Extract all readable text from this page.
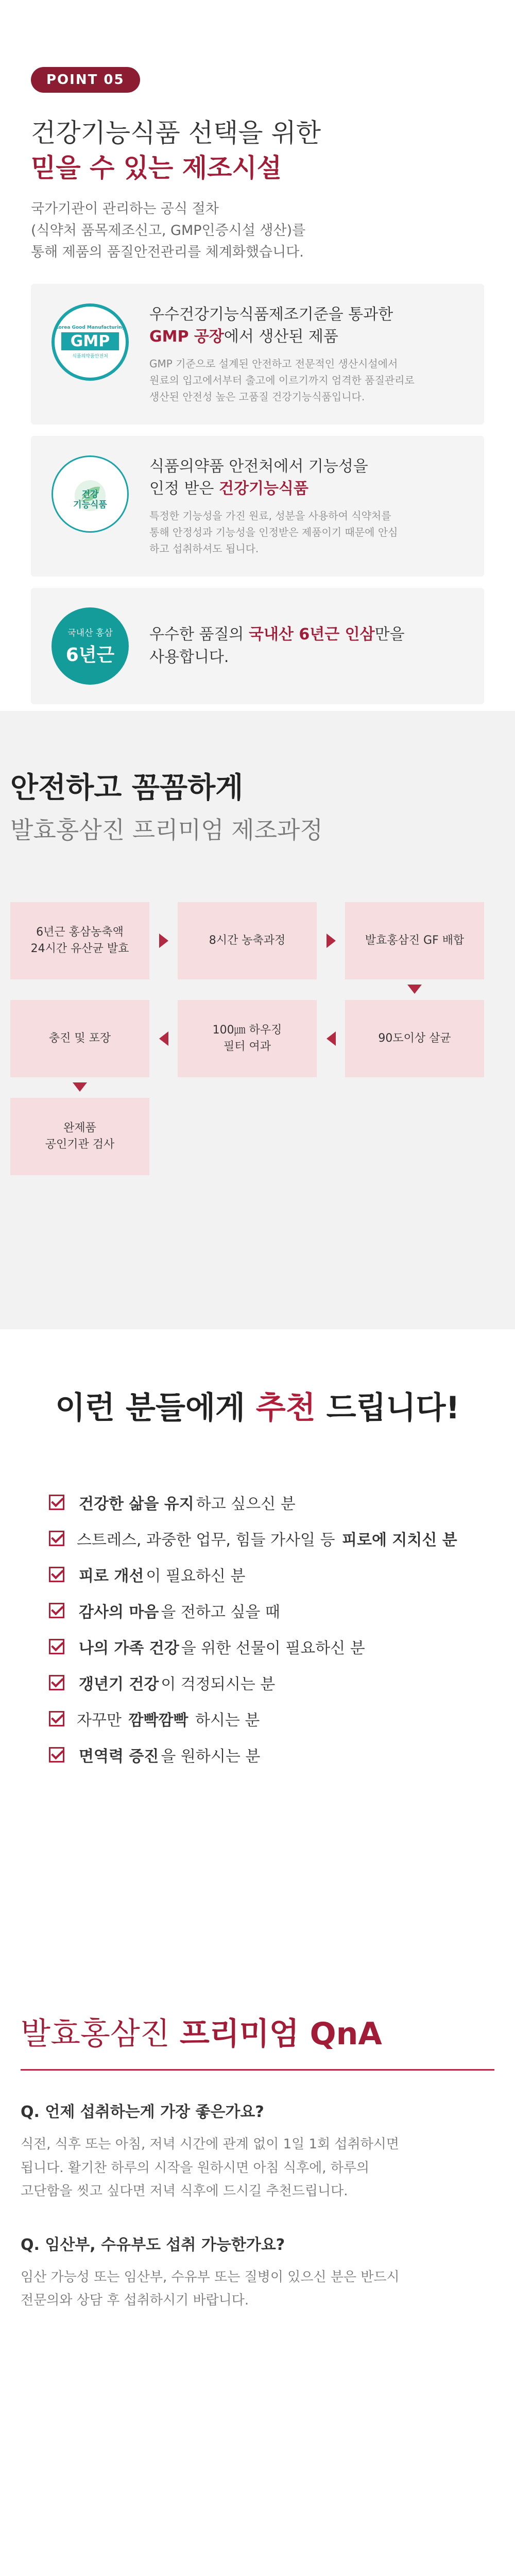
POINT 05
건강기능식품 선택을 위한
믿을 수 있는 제조시설

국가기관이 관리하는 공식 절차
(식약처 품목제조신고, GMP인증시설 생산)를
통해 제품의 품질안전관리를 체계화했습니다.

Korea Good Manufacturing
GMP
식품의약품안전처
우수건강기능식품제조기준을 통과한
GMP 공장에서 생산된 제품

GMP 기준으로 설계된 안전하고 전문적인 생산시설에서
원료의 입고에서부터 출고에 이르기까지 엄격한 품질관리로
생산된 안전성 높은 고품질 건강기능식품입니다.

건강
기능식품
식품의약품 안전처에서 기능성을
인정 받은 건강기능식품

특정한 기능성을 가진 원료, 성분을 사용하여 식약처를
통해 안정성과 기능성을 인정받은 제품이기 때문에 안심
하고 섭취하셔도 됩니다.

국내산 홍삼
6년근
우수한 품질의 국내산 6년근 인삼만을
사용합니다.
안전하고 꼼꼼하게

발효홍삼진 프리미엄 제조과정

6년근 홍삼농축액
24시간 유산균 발효
8시간 농축과정	발효홍삼진 GF 배합
90도이상 살균
100㎛ 하우징
필터 여과
충진 및 포장
완제품
공인기관 검사
이런 분들에게 추천 드립니다!
건강한 삶을 유지 하고 싶으신 분
스트레스, 과중한 업무, 힘들 가사일 등 피로에 지치신 분
피로 개선 이 필요하신 분
감사의 마음 을 전하고 싶을 때
나의 가족 건강 을 위한 선물이 필요하신 분
갱년기 건강 이 걱정되시는 분
자꾸만 깜빡깜빡 하시는 분
면역력 증진 을 원하시는 분
발효홍삼진 프리미엄 QnA

Q. 언제 섭취하는게 가장 좋은가요?

식전, 식후 또는 아침, 저녁 시간에 관계 없이 1일 1회 섭취하시면
됩니다. 활기찬 하루의 시작을 원하시면 아침 식후에, 하루의
고단함을 씻고 싶다면 저녁 식후에 드시길 추천드립니다.

Q. 임산부, 수유부도 섭취 가능한가요?

임산 가능성 또는 임산부, 수유부 또는 질병이 있으신 분은 반드시
전문의와 상담 후 섭취하시기 바랍니다.
